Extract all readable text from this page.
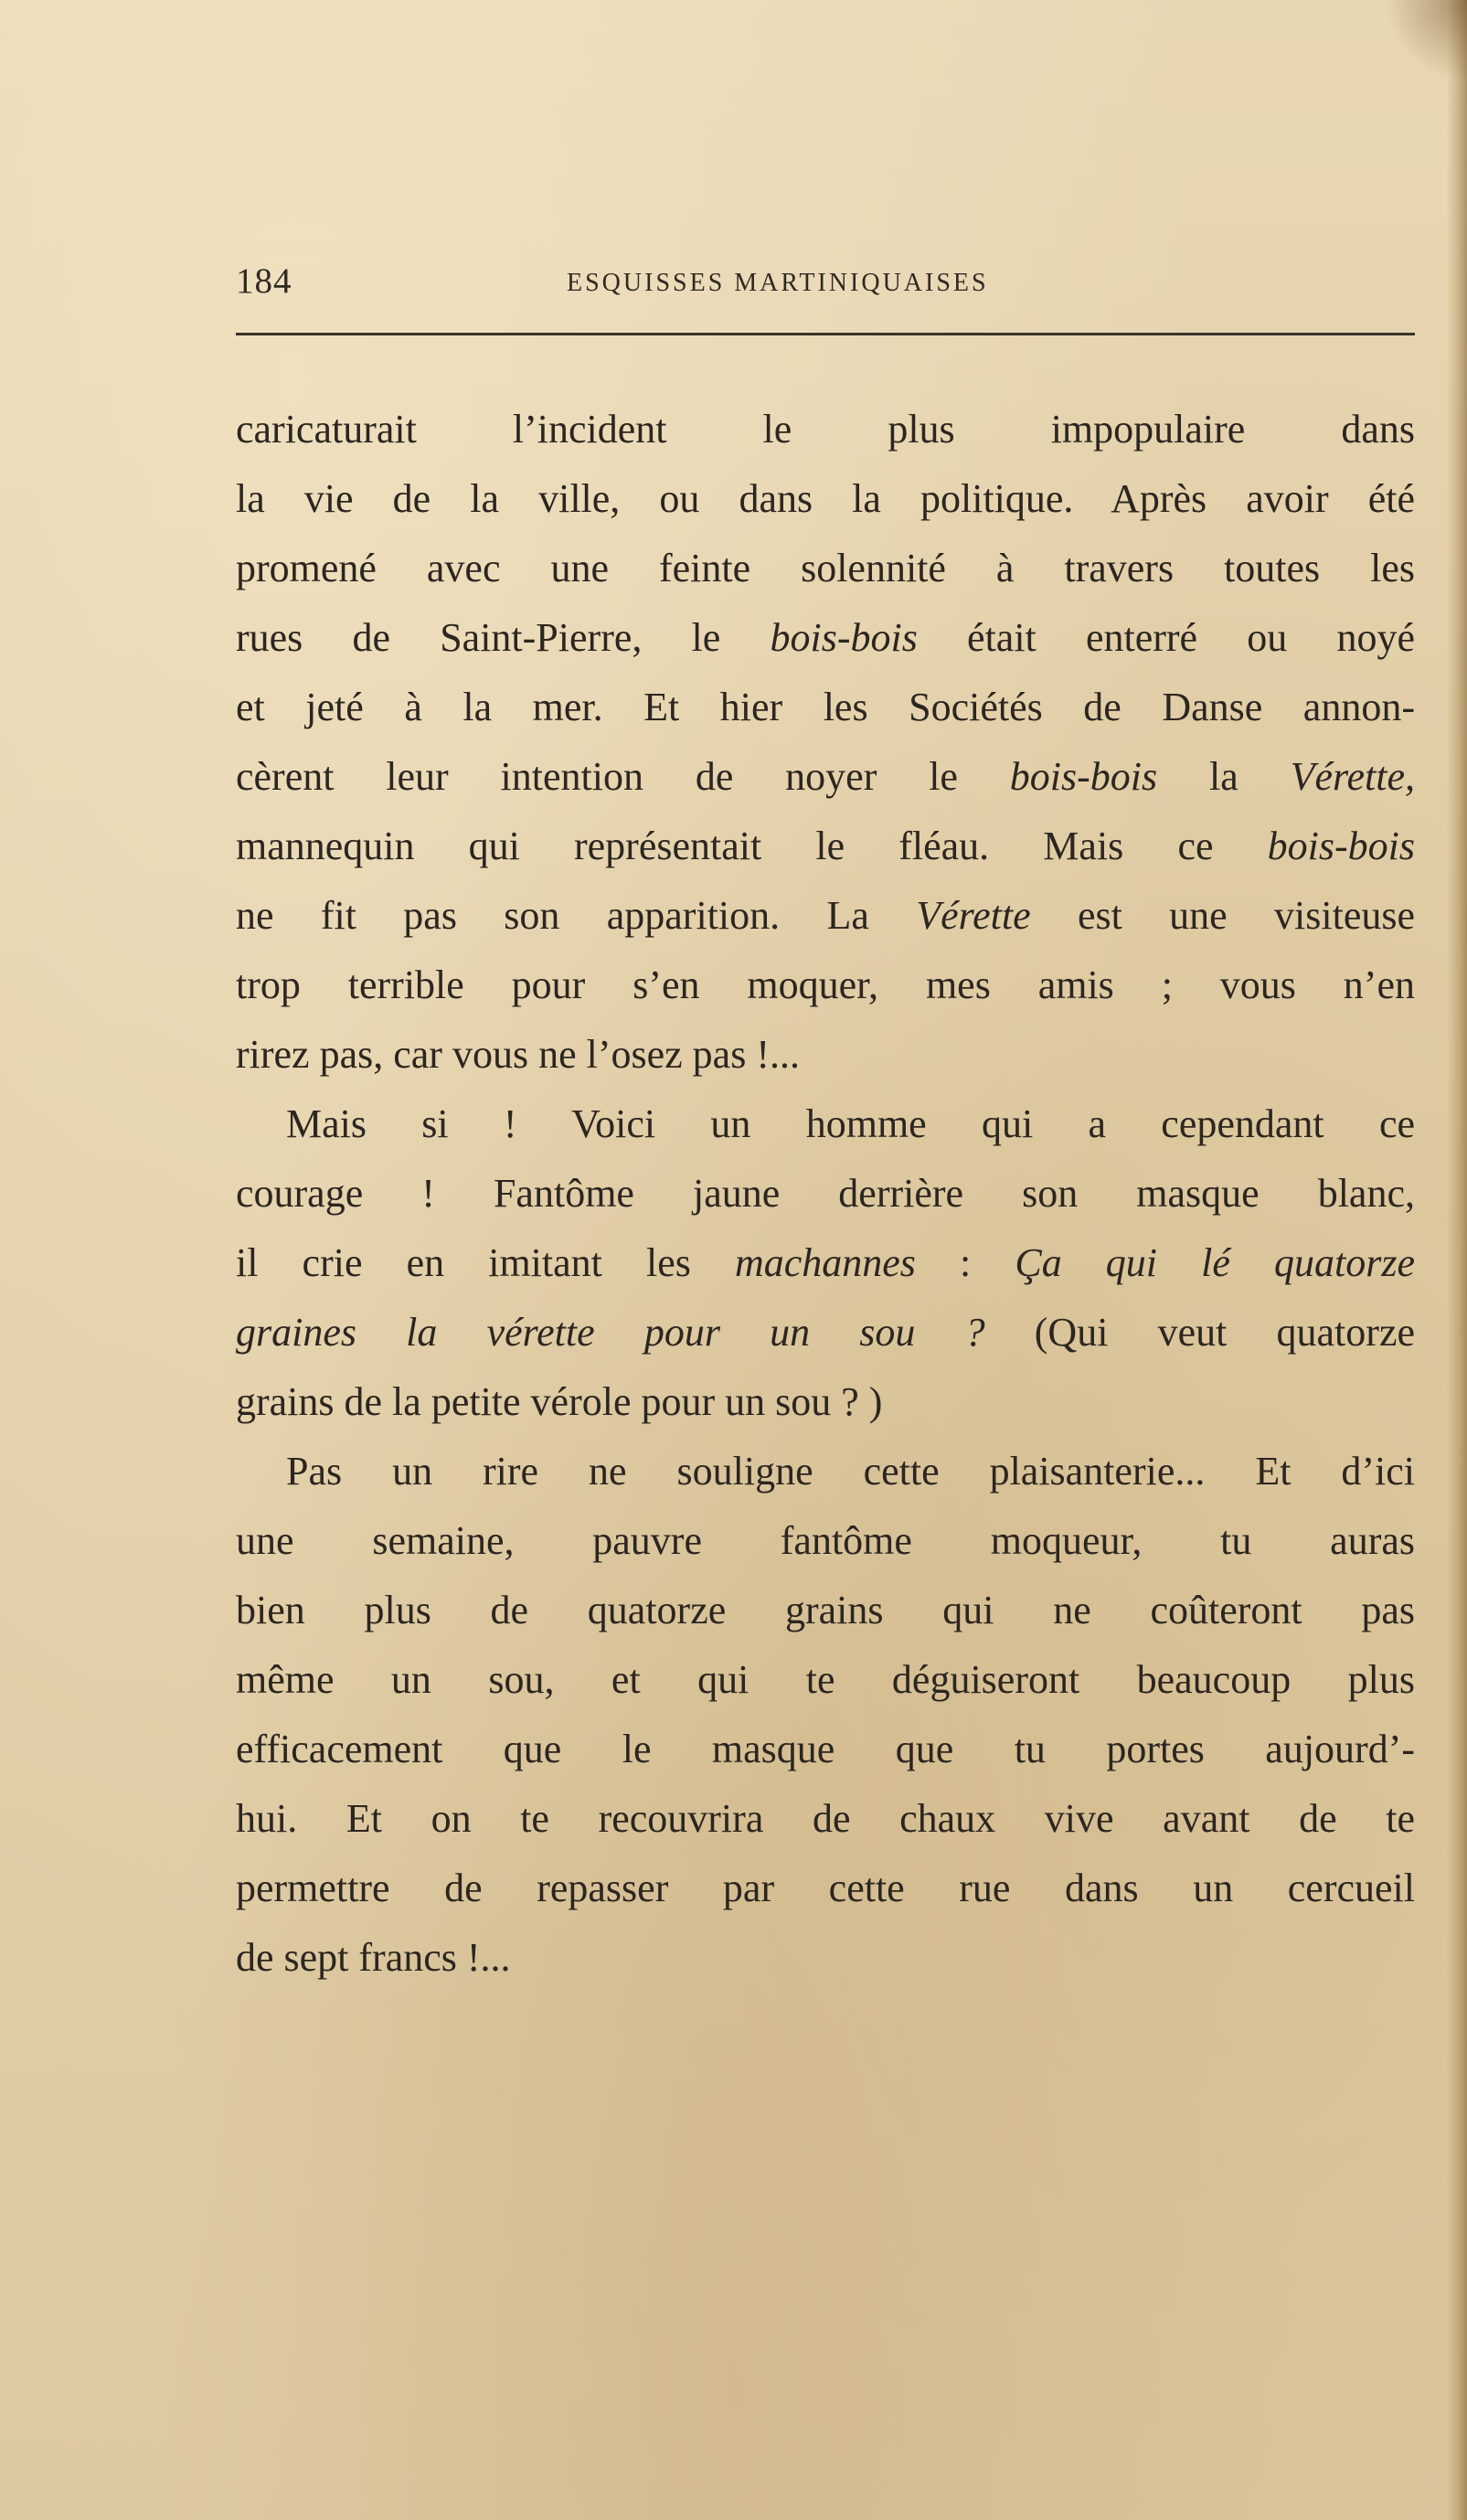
184	ESQUISSES MARTINIQUAISES
caricaturait l’incident le plus impopulaire dans
la vie de la ville, ou dans la politique. Après avoir été
promené avec une feinte solennité à travers toutes les
rues de Saint-Pierre, le bois-bois était enterré ou noyé
et jeté à la mer. Et hier les Sociétés de Danse annon-
cèrent leur intention de noyer le bois-bois la Vérette,
mannequin qui représentait le fléau. Mais ce bois-bois
ne fit pas son apparition. La Vérette est une visiteuse
trop terrible pour s’en moquer, mes amis ; vous n’en
rirez pas, car vous ne l’osez pas !...
Mais si ! Voici un homme qui a cependant ce
courage ! Fantôme jaune derrière son masque blanc,
il crie en imitant les machannes : Ça qui lé quatorze
graines la vérette pour un sou ? (Qui veut quatorze
grains de la petite vérole pour un sou ? )
Pas un rire ne souligne cette plaisanterie... Et d’ici
une semaine, pauvre fantôme moqueur, tu auras
bien plus de quatorze grains qui ne coûteront pas
même un sou, et qui te déguiseront beaucoup plus
efficacement que le masque que tu portes aujourd’-
hui. Et on te recouvrira de chaux vive avant de te
permettre de repasser par cette rue dans un cercueil
de sept francs !...
